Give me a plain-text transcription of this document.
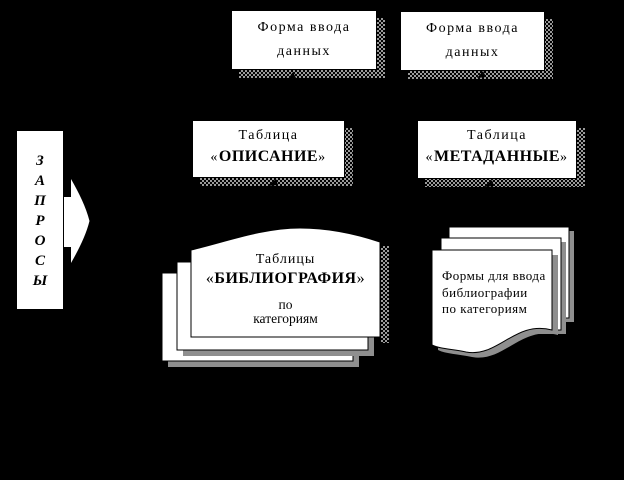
Форма ввода
данных
Форма ввода
данных
Таблица
«ОПИСАНИЕ»
Таблица
«МЕТАДАННЫЕ»
З
А
П
Р
О
С
Ы
Таблицы
«БИБЛИОГРАФИЯ»
по
категориям
Формы для ввода
библиографии
по категориям
